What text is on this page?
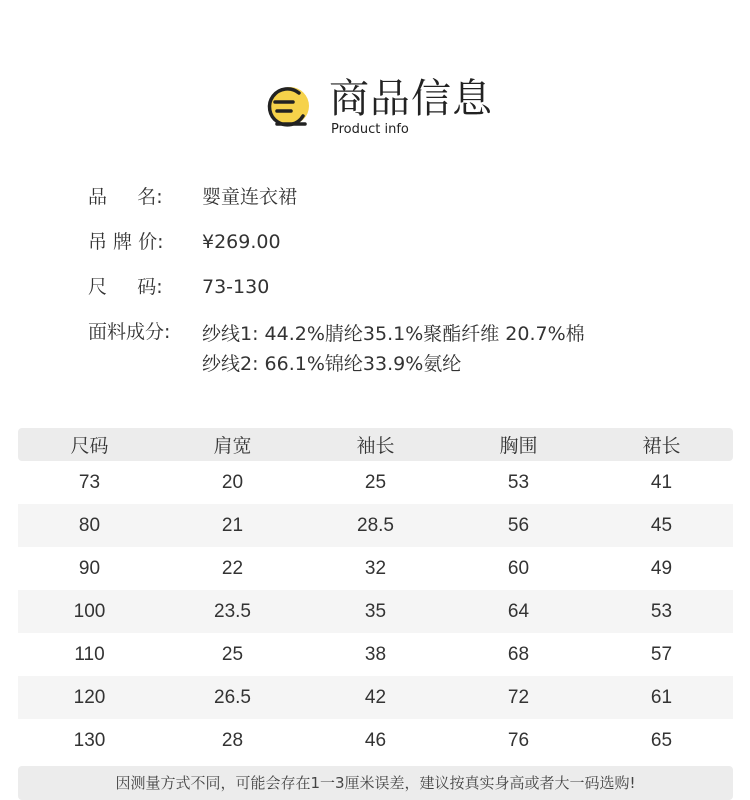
商品信息
Product info
品     名:	婴童连衣裙
吊 牌 价:	¥269.00
尺     码:	73-130
面料成分:	纱线1: 44.2%腈纶35.1%聚酯纤维 20.7%棉
纱线2: 66.1%锦纶33.9%氨纶
尺码	肩宽	袖长	胸围	裙长
73	20	25	53	41
80	21	28.5	56	45
90	22	32	60	49
100	23.5	35	64	53
110	25	38	68	57
120	26.5	42	72	61
130	28	46	76	65
因测量方式不同，可能会存在1一3厘米误差，建议按真实身高或者大一码选购!
